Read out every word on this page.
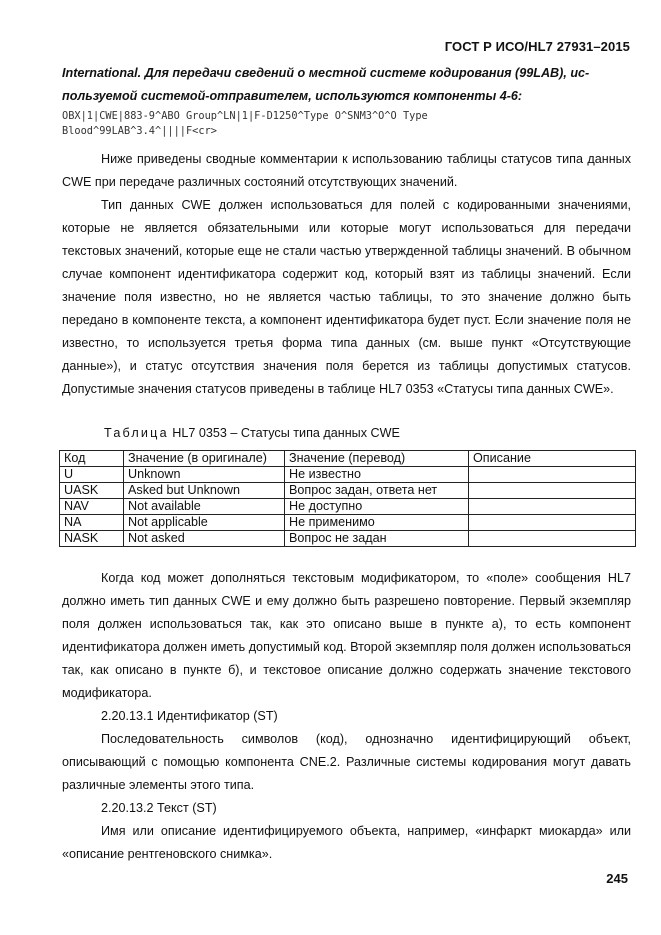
ГОСТ Р ИСО/HL7 27931–2015
International. Для передачи сведений о местной системе кодирования (99LAB), ис-
пользуемой системой-отправителем, используются компоненты 4-6:
OBX|1|CWE|883-9^ABO Group^LN|1|F-D1250^Type O^SNM3^O^O Type
Blood^99LAB^3.4^||||F<cr>

Ниже приведены сводные комментарии к использованию таблицы статусов типа данных CWE при передаче различных состояний отсутствующих значений.

Тип данных CWE должен использоваться для полей с кодированными значениями, которые не является обязательными или которые могут использоваться для передачи текстовых значений, которые еще не стали частью утвержденной таблицы значений. В обычном случае компонент идентификатора содержит код, который взят из таблицы значений. Если значение поля известно, но не является частью таблицы, то это значение должно быть передано в компоненте текста, а компонент идентификатора будет пуст. Если значение поля не известно, то используется третья форма типа данных (см. выше пункт «Отсутствующие данные»), и статус отсутствия значения поля берется из таблицы допустимых статусов. Допустимые значения статусов приведены в таблице HL7 0353 «Статусы типа данных CWE».

Таблица HL7 0353 – Статусы типа данных CWE
Код	Значение (в оригинале)	Значение (перевод)	Описание
U	Unknown	Не известно	
UASK	Asked but Unknown	Вопрос задан, ответа нет	
NAV	Not available	Не доступно	
NA	Not applicable	Не применимо	
NASK	Not asked	Вопрос не задан	

Когда код может дополняться текстовым модификатором, то «поле» сообщения HL7 должно иметь тип данных CWE и ему должно быть разрешено повторение. Первый экземпляр поля должен использоваться так, как это описано выше в пункте а), то есть компонент идентификатора должен иметь допустимый код. Второй экземпляр поля должен использоваться так, как описано в пункте б), и текстовое описание должно содержать значение текстового модификатора.

2.20.13.1 Идентификатор (ST)

Последовательность символов (код), однозначно идентифицирующий объект, описывающий с помощью компонента CNE.2. Различные системы кодирования могут давать различные элементы этого типа.

2.20.13.2 Текст (ST)

Имя или описание идентифицируемого объекта, например, «инфаркт миокарда» или «описание рентгеновского снимка».

245
